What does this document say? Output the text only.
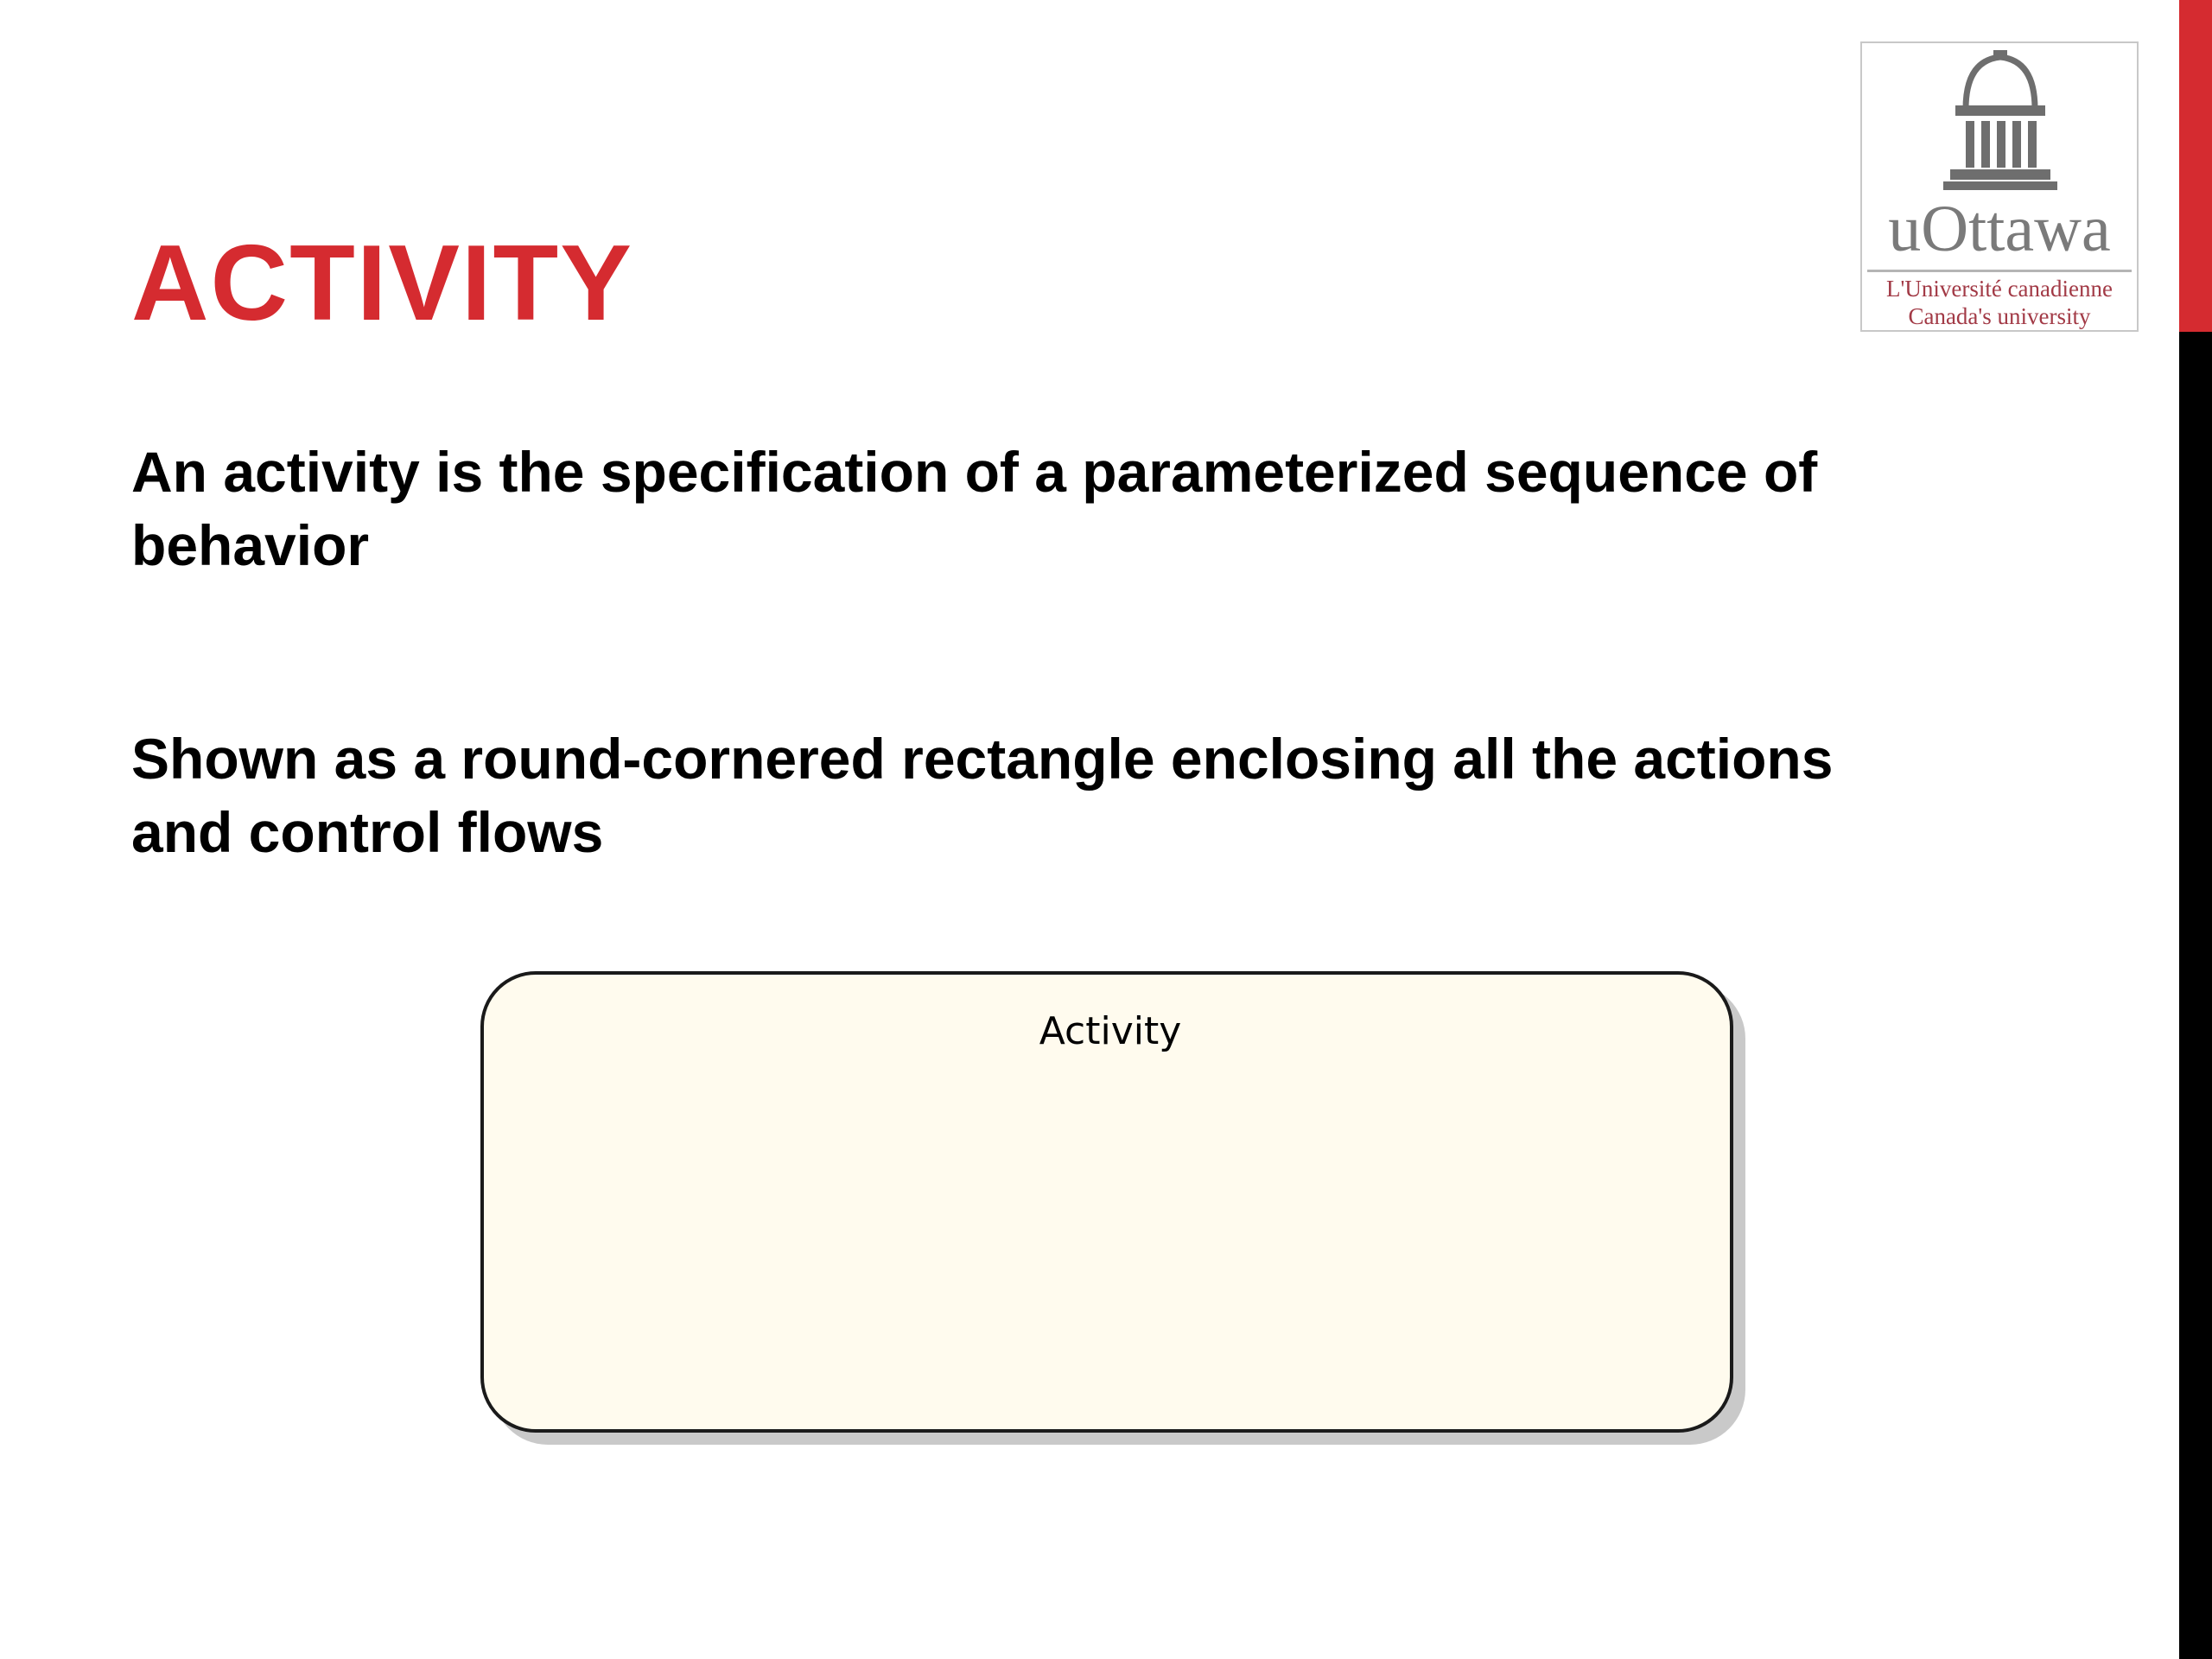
ACTIVITY	uOttawa
L'Université canadienne
Canada's university

An activity is the specification of a parameterized sequence of behavior

Shown as a round-cornered rectangle enclosing all the actions and control flows

Activity
